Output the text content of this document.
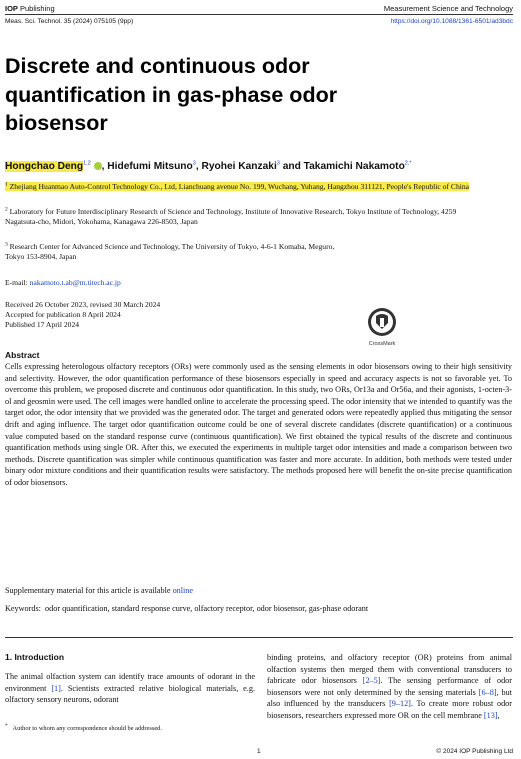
IOP Publishing	Measurement Science and Technology
Meas. Sci. Technol. 35 (2024) 075105 (9pp)	https://doi.org/10.1088/1361-6501/ad3bdc
Discrete and continuous odor quantification in gas-phase odor biosensor
Hongchao Deng$^{1,2}$ , Hidefumi Mitsuno$^3$, Ryohei Kanzaki$^3$ and Takamichi Nakamoto$^{2,*}$
$^1$ Zhejiang Huanmao Auto-Control Technology Co., Ltd, Lianchuang avenue No. 199, Wuchang, Yuhang, Hangzhou 311121, People's Republic of China
$^2$ Laboratory for Future Interdisciplinary Research of Science and Technology, Institute of Innovative Research, Tokyo Institute of Technology, 4259 Nagatsuta-cho, Midori, Yokohama, Kanagawa 226-8503, Japan
$^3$ Research Center for Advanced Science and Technology, The University of Tokyo, 4-6-1 Komaba, Meguro, Tokyo 153-8904, Japan
E-mail: nakamoto.t.ab@m.titech.ac.jp
Received 26 October 2023, revised 30 March 2024
Accepted for publication 8 April 2024
Published 17 April 2024
CrossMark
Abstract
Cells expressing heterologous olfactory receptors (ORs) were commonly used as the sensing elements in odor biosensors owing to their high sensitivity and selectivity. However, the odor quantification performance of these biosensors especially in speed and accuracy aspects is not so favorable yet. To overcome this problem, we proposed discrete and continuous odor quantification. In this study, two ORs, Or13a and Or56a, and their agonists, 1-octen-3-ol and geosmin were used. The cell images were handled online to accelerate the processing speed. The odor intensity that we intended to quantify was the target odor, the odor intensity that we provided was the generated odor. The target and generated odors were repeatedly applied thus mitigating the sensor drift and aging influence. The target odor quantification outcome could be one of several discrete candidates (discrete quantification) or a continuous value computed based on the standard response curve (continuous quantification). We first obtained the typical results of the discrete and continuous quantification methods using single OR. After this, we executed the experiments in multiple target odor intensities and made a comparison between two methods. Discrete quantification was simpler while continuous quantification was faster and more accurate. In addition, both methods were tested under binary odor mixture conditions and their quantification results were satisfactory. The methods proposed here will benefit the on-site precise quantification of odor biosensors.
Supplementary material for this article is available online
Keywords: odor quantification, standard response curve, olfactory receptor, odor biosensor, gas-phase odorant
1. Introduction
The animal olfaction system can identify trace amounts of odorant in the environment [1]. Scientists extracted relative biological materials, e.g. olfactory sensory neurons, odorant
* Author to whom any correspondence should be addressed.
binding proteins, and olfactory receptor (OR) proteins from animal olfaction systems then merged them with conventional transducers to fabricate odor biosensors [2–5]. The sensing performance of odor biosensors were not only determined by the sensing materials [6–8], but also influenced by the transducers [9–12]. To create more robust odor biosensors, researchers expressed more OR on the cell membrane [13],
1	© 2024 IOP Publishing Ltd
